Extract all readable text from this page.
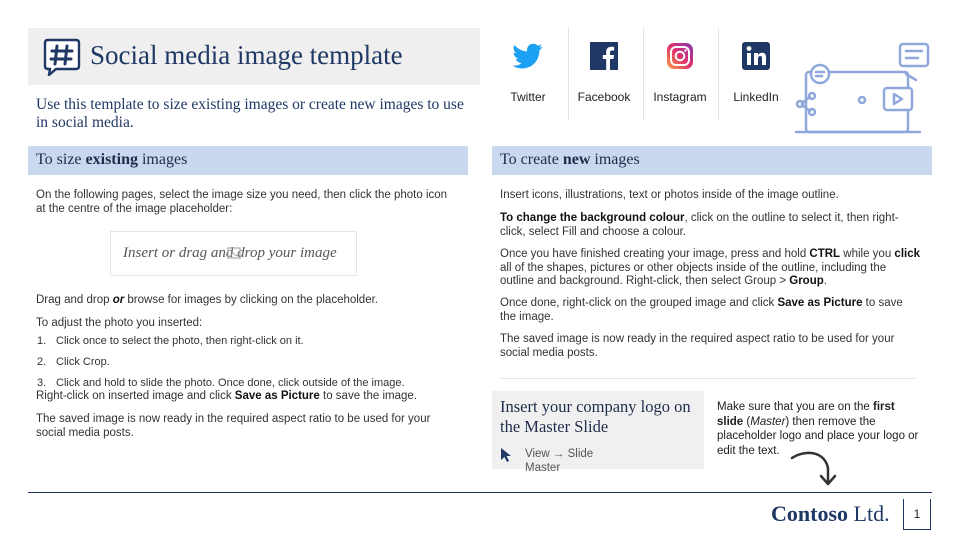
Social media image template
Use this template to size existing images or create new images to use in social media.
Twitter	Facebook	Instagram	LinkedIn
To size existing images
On the following pages, select the image size you need, then click the photo icon at the centre of the image placeholder:
Insert or drag and drop your image
Drag and drop or browse for images by clicking on the placeholder.
To adjust the photo you inserted:
1. Click once to select the photo, then right-click on it.
2. Click Crop.
3. Click and hold to slide the photo. Once done, click outside of the image.
Right-click on inserted image and click Save as Picture to save the image.
The saved image is now ready in the required aspect ratio to be used for your social media posts.
To create new images
Insert icons, illustrations, text or photos inside of the image outline.
To change the background colour, click on the outline to select it, then right-click, select Fill and choose a colour.
Once you have finished creating your image, press and hold CTRL while you click all of the shapes, pictures or other objects inside of the outline, including the outline and background. Right-click, then select Group > Group.
Once done, right-click on the grouped image and click Save as Picture to save the image.
The saved image is now ready in the required aspect ratio to be used for your social media posts.
Insert your company logo on the Master Slide
View → Slide Master
Make sure that you are on the first slide (Master) then remove the placeholder logo and place your logo or edit the text.
Contoso Ltd.	1
